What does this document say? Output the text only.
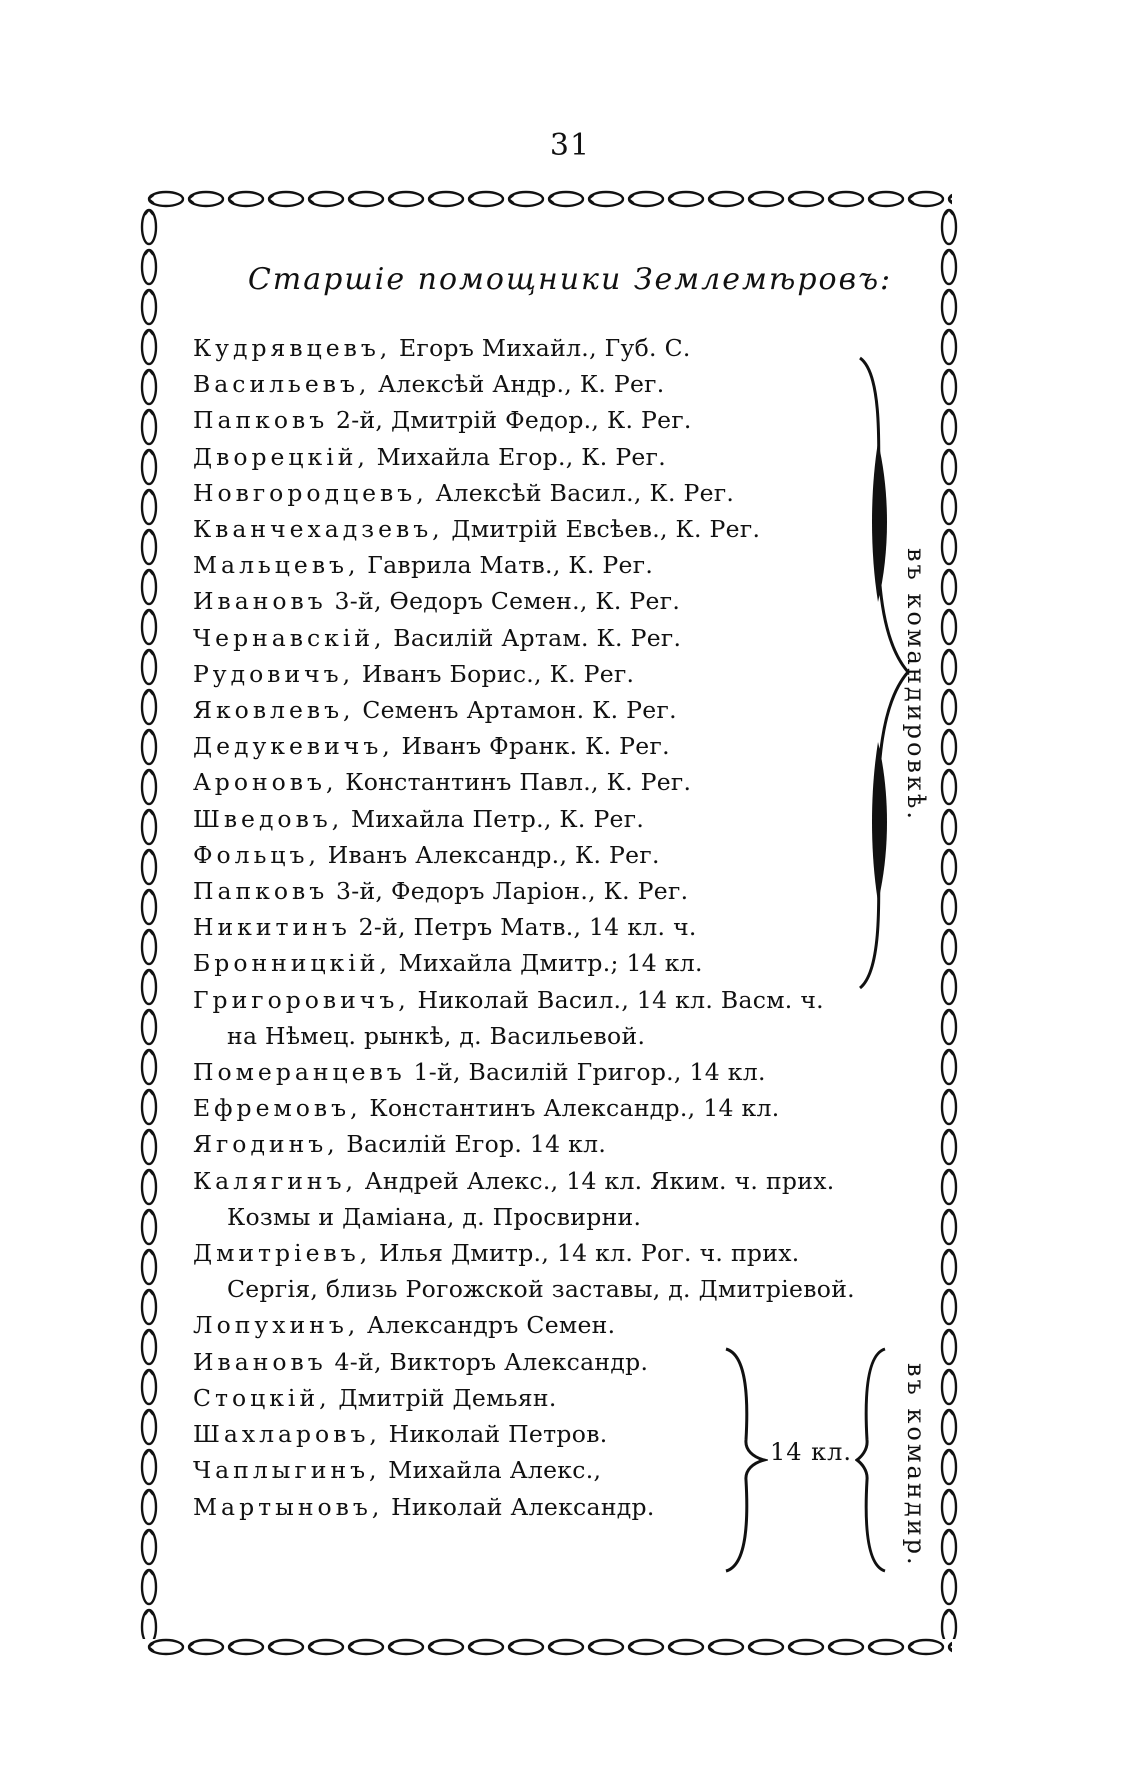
31
Старшіе помощники Землемѣровъ:
Кудрявцевъ, Егоръ Михайл., Губ. С.
Васильевъ, Алексѣй Андр., К. Рег.
Папковъ 2-й, Дмитрій Федор., К. Рег.
Дворецкій, Михайла Егор., К. Рег.
Новгородцевъ, Алексѣй Васил., К. Рег.
Кванчехадзевъ, Дмитрій Евсѣев., К. Рег.
Мальцевъ, Гаврила Матв., К. Рег.
Ивановъ 3-й, Ѳедоръ Семен., К. Рег.
Чернавскій, Василій Артам. К. Рег.
Рудовичъ, Иванъ Борис., К. Рег.
Яковлевъ, Семенъ Артамон. К. Рег.
Дедукевичъ, Иванъ Франк. К. Рег.
Ароновъ, Константинъ Павл., К. Рег.
Шведовъ, Михайла Петр., К. Рег.
Фольцъ, Иванъ Александр., К. Рег.
Папковъ 3-й, Федоръ Ларіон., К. Рег.
Никитинъ 2-й, Петръ Матв., 14 кл. ч.
Бронницкій, Михайла Дмитр.; 14 кл.
Григоровичъ, Николай Васил., 14 кл. Васм. ч.
на Нѣмец. рынкѣ, д. Васильевой.
Померанцевъ 1-й, Василій Григор., 14 кл.
Ефремовъ, Константинъ Александр., 14 кл.
Ягодинъ, Василій Егор. 14 кл.
Калягинъ, Андрей Алекс., 14 кл. Яким. ч. прих.
Козмы и Даміана, д. Просвирни.
Дмитріевъ, Илья Дмитр., 14 кл. Рог. ч. прих.
Сергія, близь Рогожской заставы, д. Дмитріевой.
Лопухинъ, Александръ Семен.
Ивановъ 4-й, Викторъ Александр.
Стоцкій, Дмитрій Демьян.
Шахларовъ, Николай Петров.
Чаплыгинъ, Михайла Алекс.,
Мартыновъ, Николай Александр.
въ командировкѣ.
14 кл.	въ командир.
